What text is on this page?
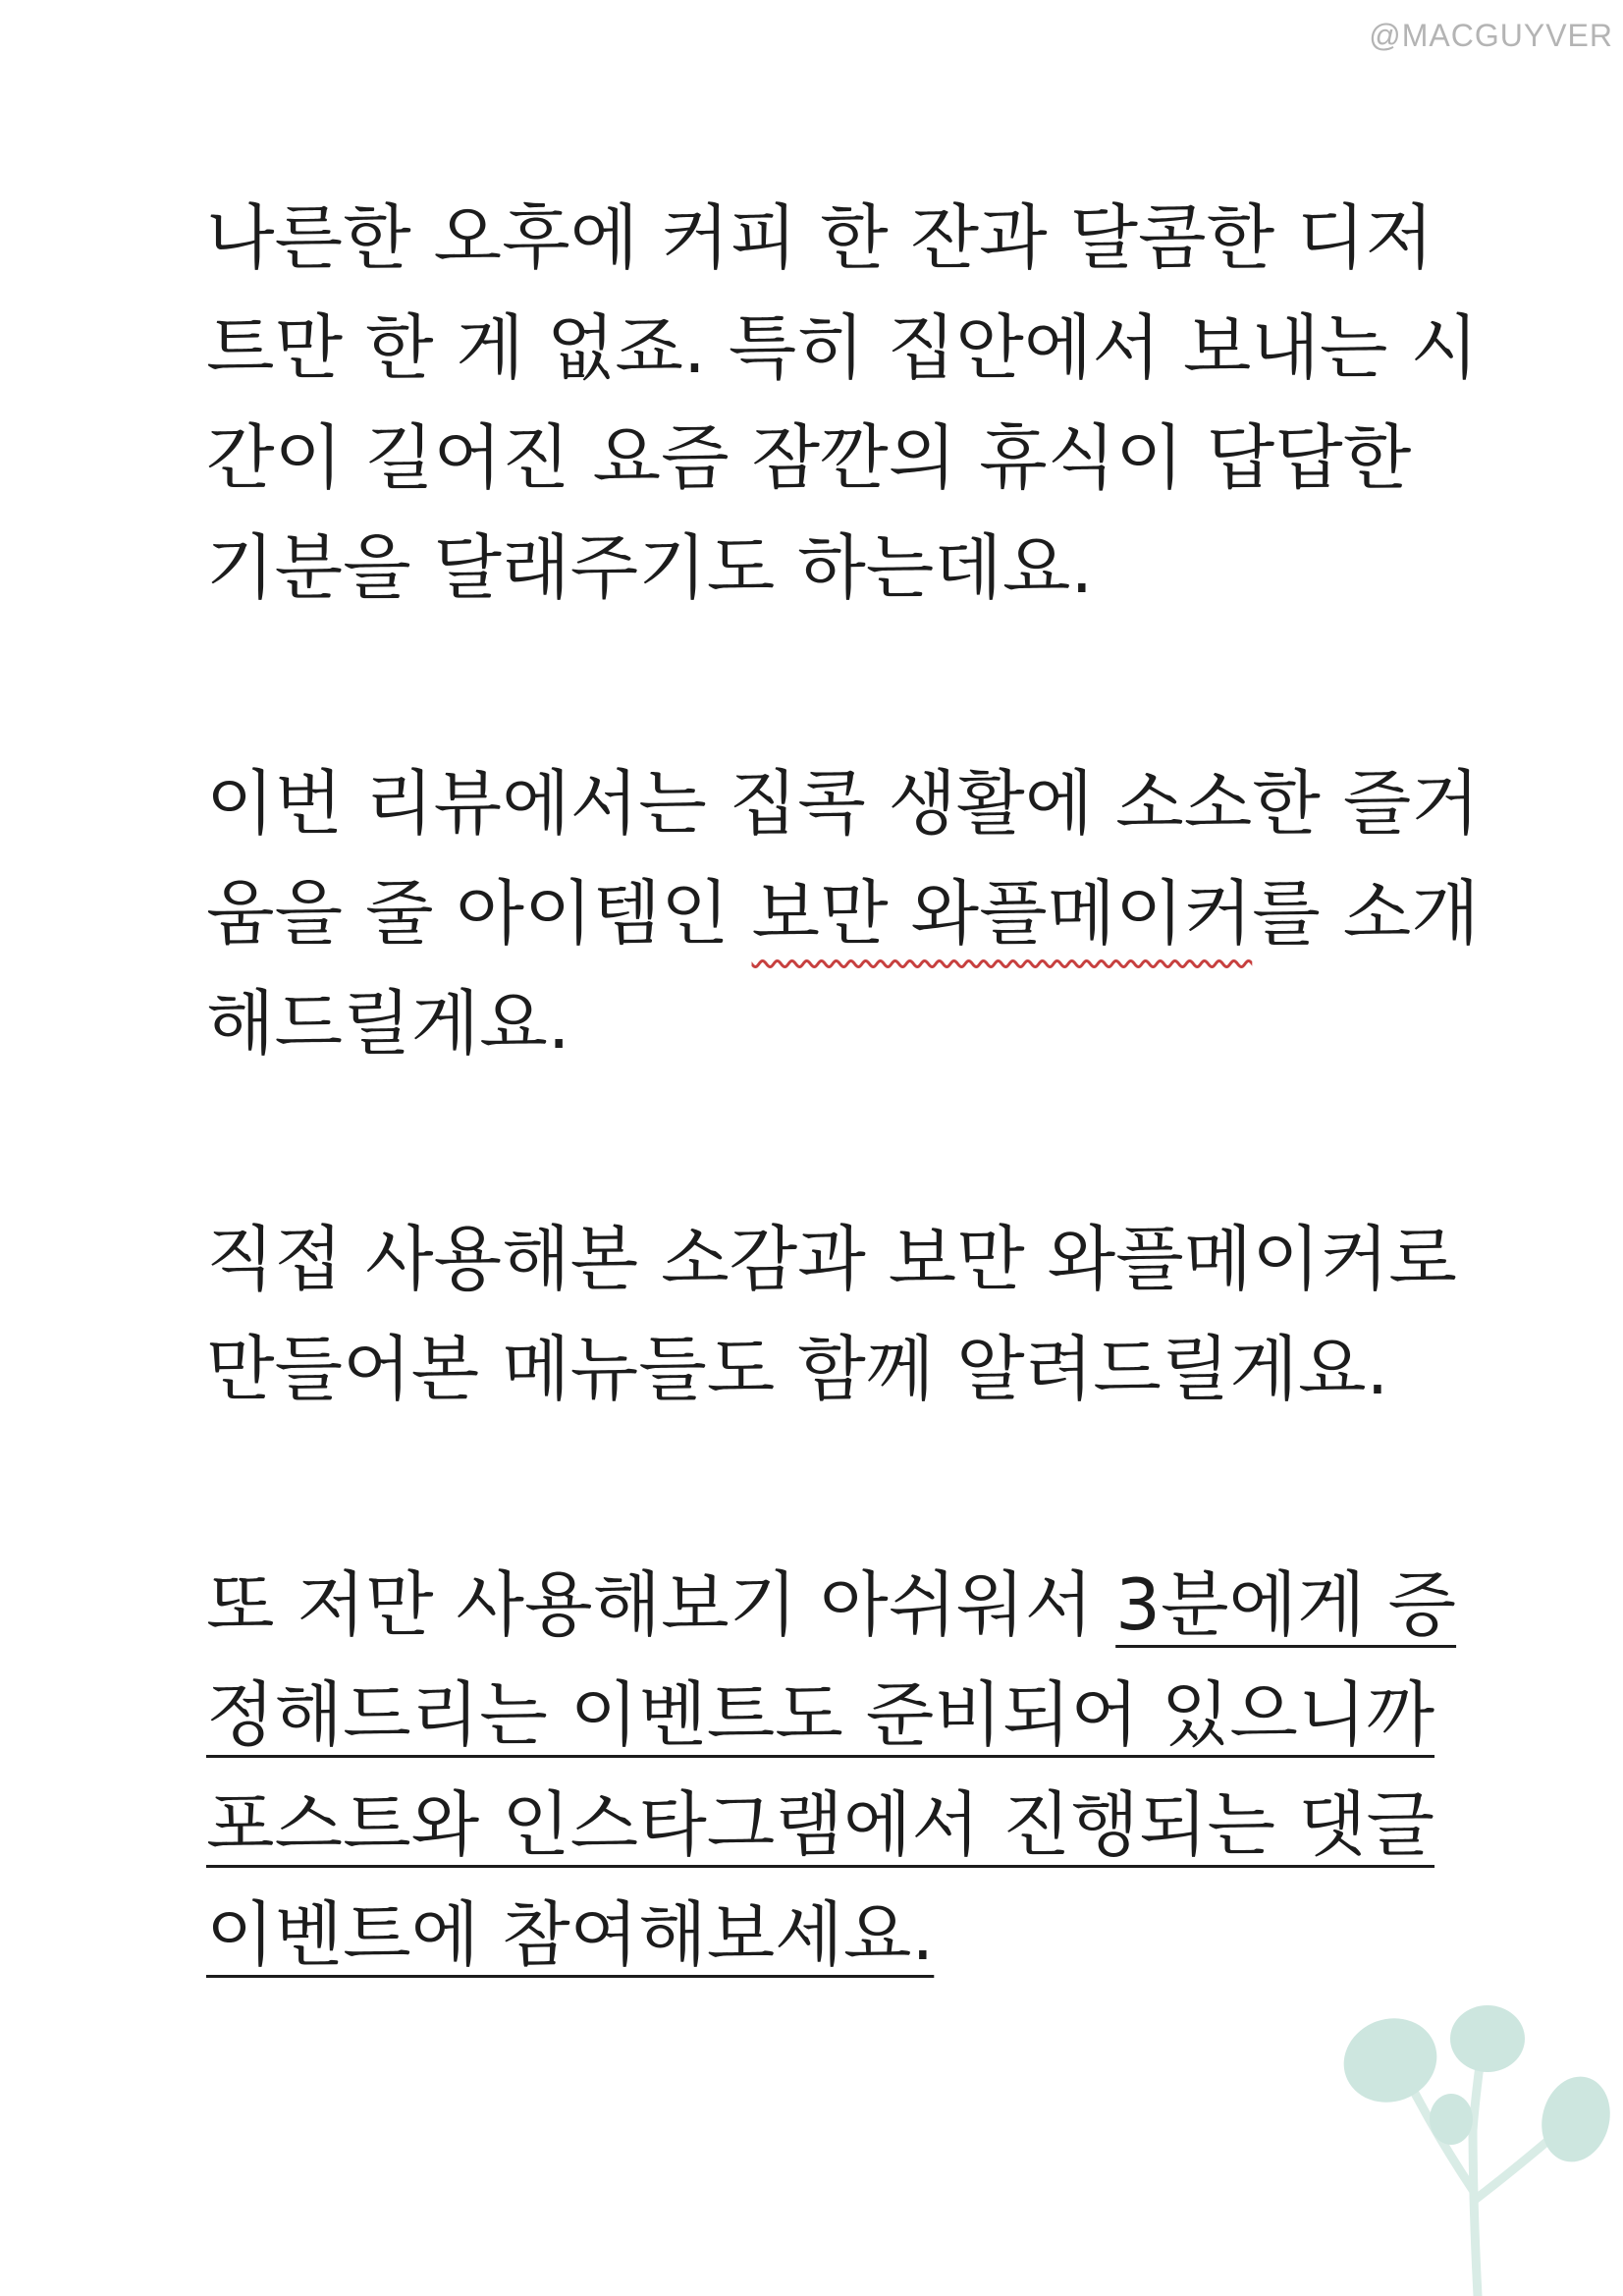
@MACGUYVER

나른한 오후에 커피 한 잔과 달콤한 디저
트만 한 게 없죠. 특히 집안에서 보내는 시
간이 길어진 요즘 잠깐의 휴식이 답답한
기분을 달래주기도 하는데요.

이번 리뷰에서는 집콕 생활에 소소한 즐거
움을 줄 아이템인 보만 와플메이커를 소개
해드릴게요.

직접 사용해본 소감과 보만 와플메이커로
만들어본 메뉴들도 함께 알려드릴게요.

또 저만 사용해보기 아쉬워서 3분에게 증
정해드리는 이벤트도 준비되어 있으니까
포스트와 인스타그램에서 진행되는 댓글
이벤트에 참여해보세요.
